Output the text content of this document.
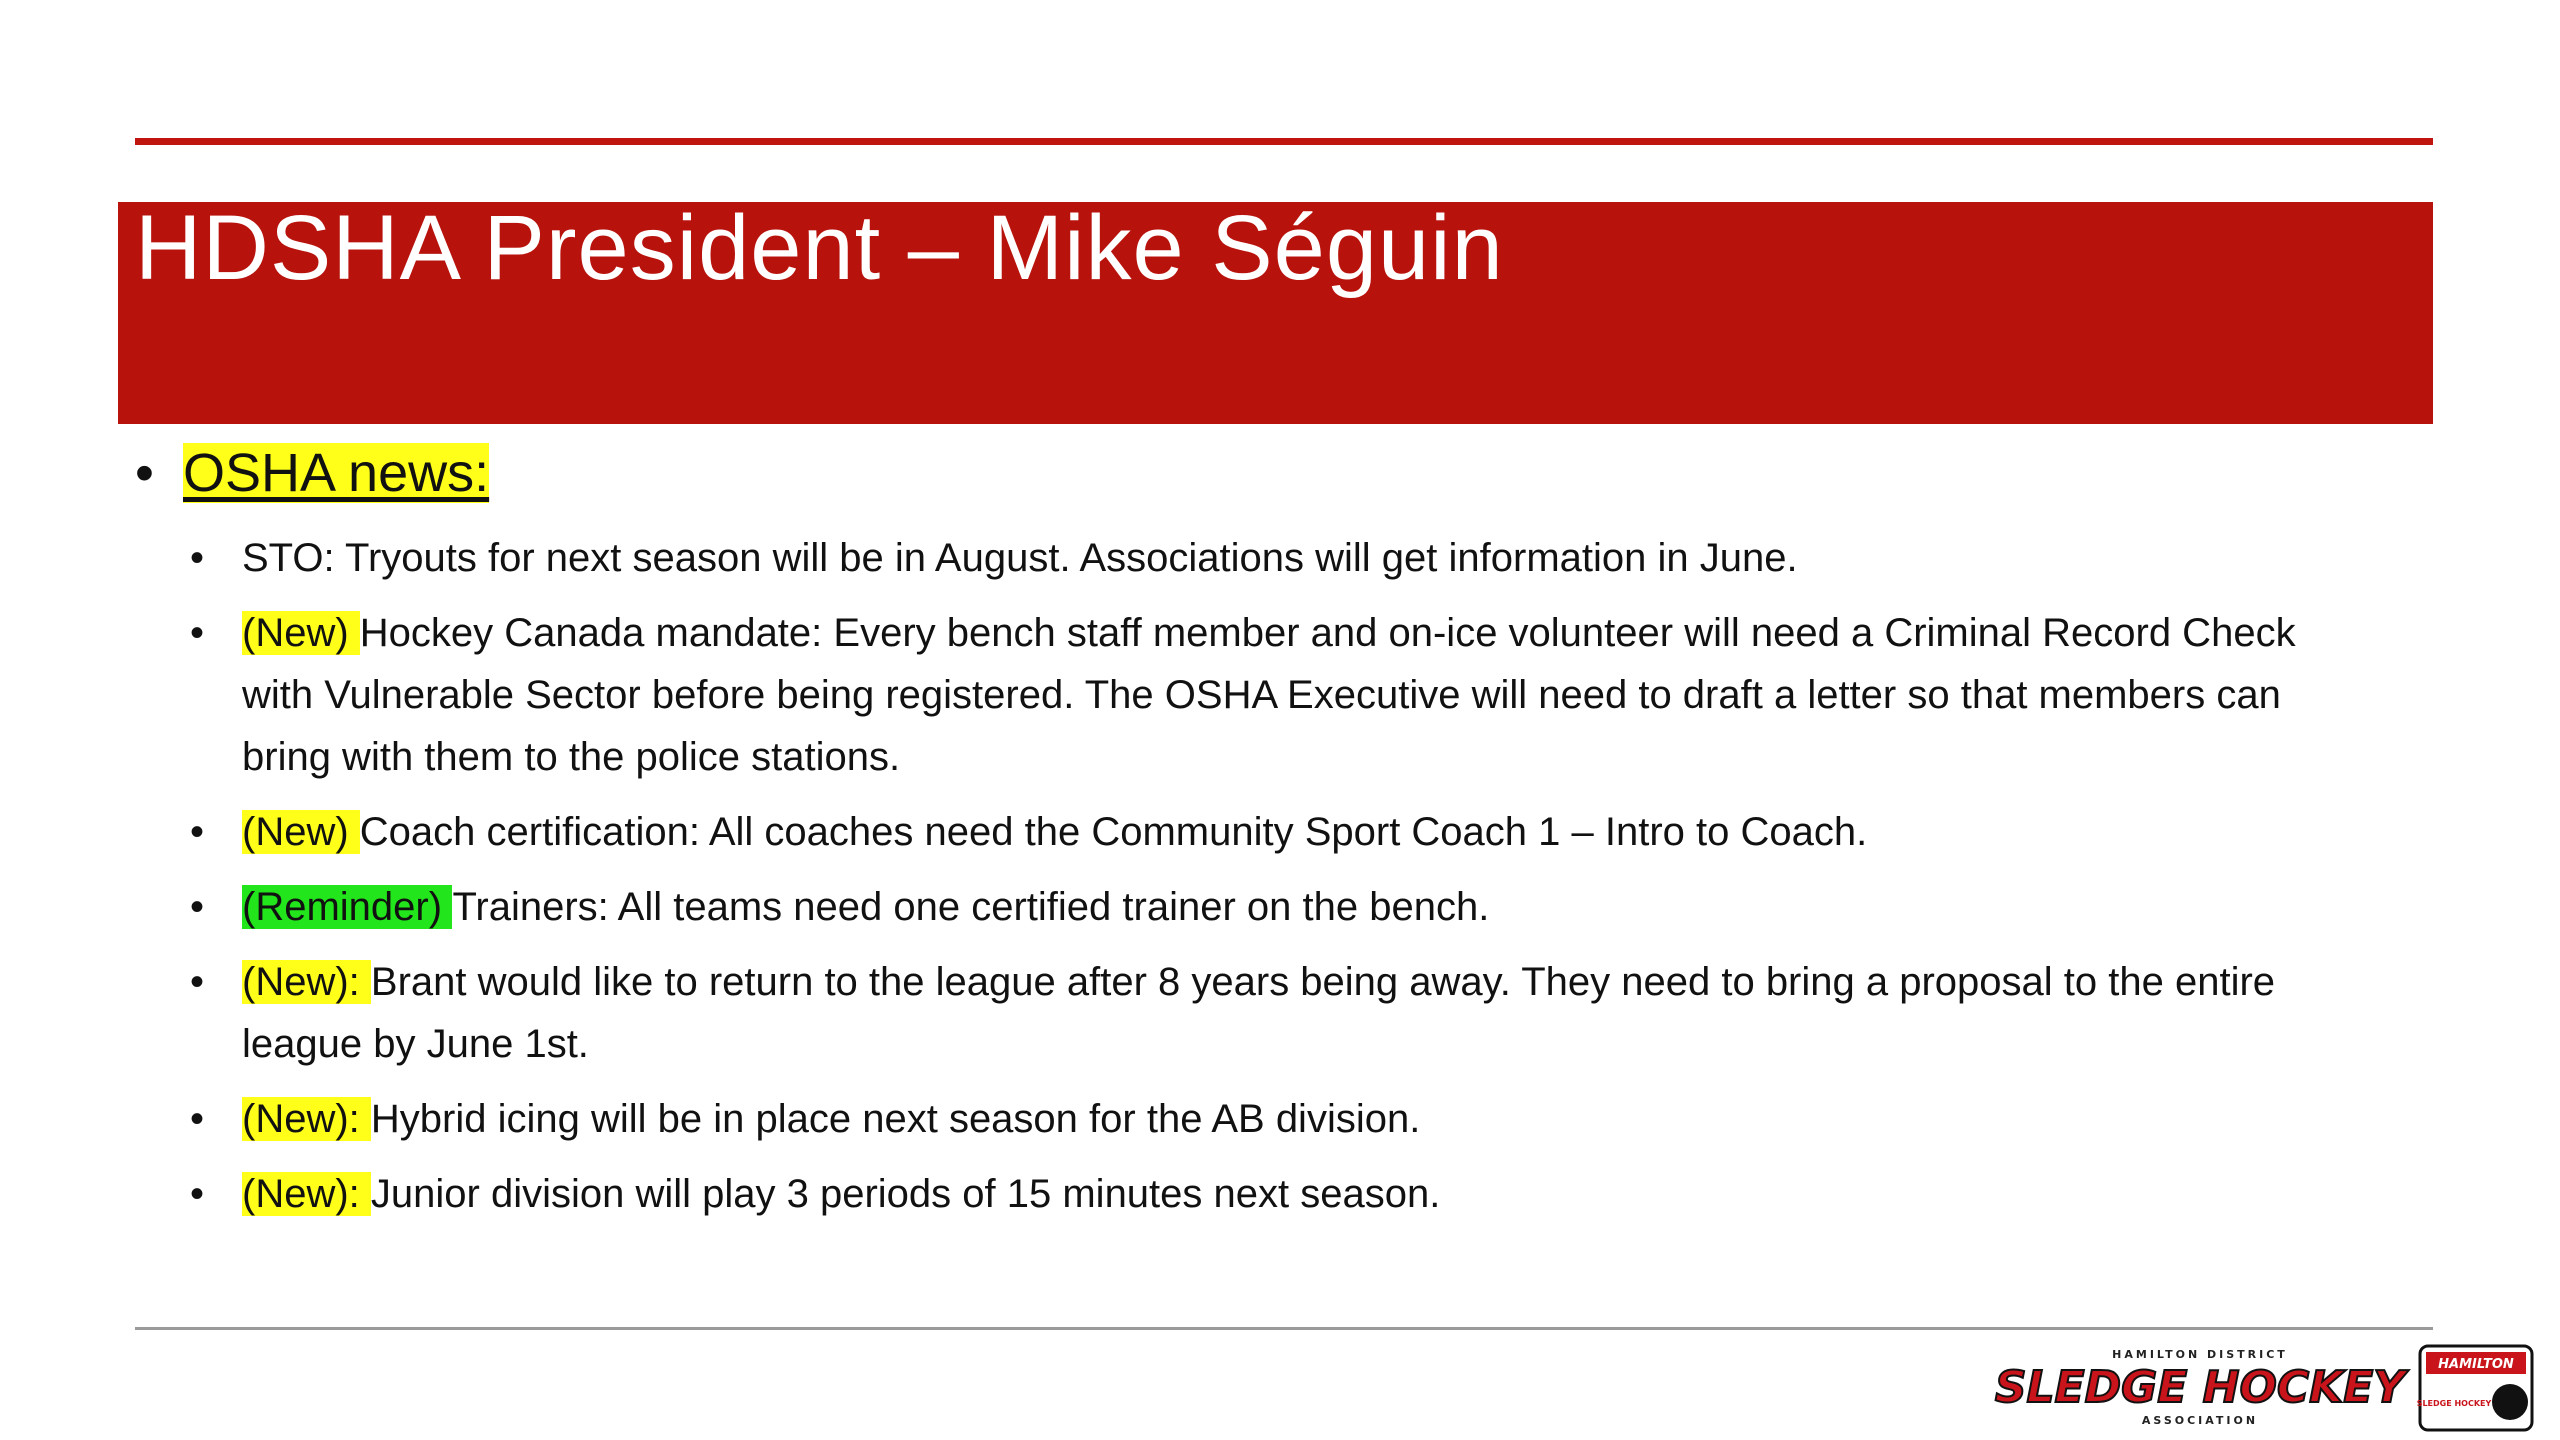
HDSHA President – Mike Séguin
• OSHA news:
• STO: Tryouts for next season will be in August. Associations will get information in June.
• (New) Hockey Canada mandate: Every bench staff member and on-ice volunteer will need a Criminal Record Check with Vulnerable Sector before being registered. The OSHA Executive will need to draft a letter so that members can bring with them to the police stations.
• (New) Coach certification: All coaches need the Community Sport Coach 1 – Intro to Coach.
• (Reminder) Trainers: All teams need one certified trainer on the bench.
• (New): Brant would like to return to the league after 8 years being away. They need to bring a proposal to the entire league by June 1st.
• (New): Hybrid icing will be in place next season for the AB division.
• (New): Junior division will play 3 periods of 15 minutes next season.
HAMILTON DISTRICT
SLEDGE HOCKEY
ASSOCIATION
HAMILTON
SLEDGE HOCKEY
